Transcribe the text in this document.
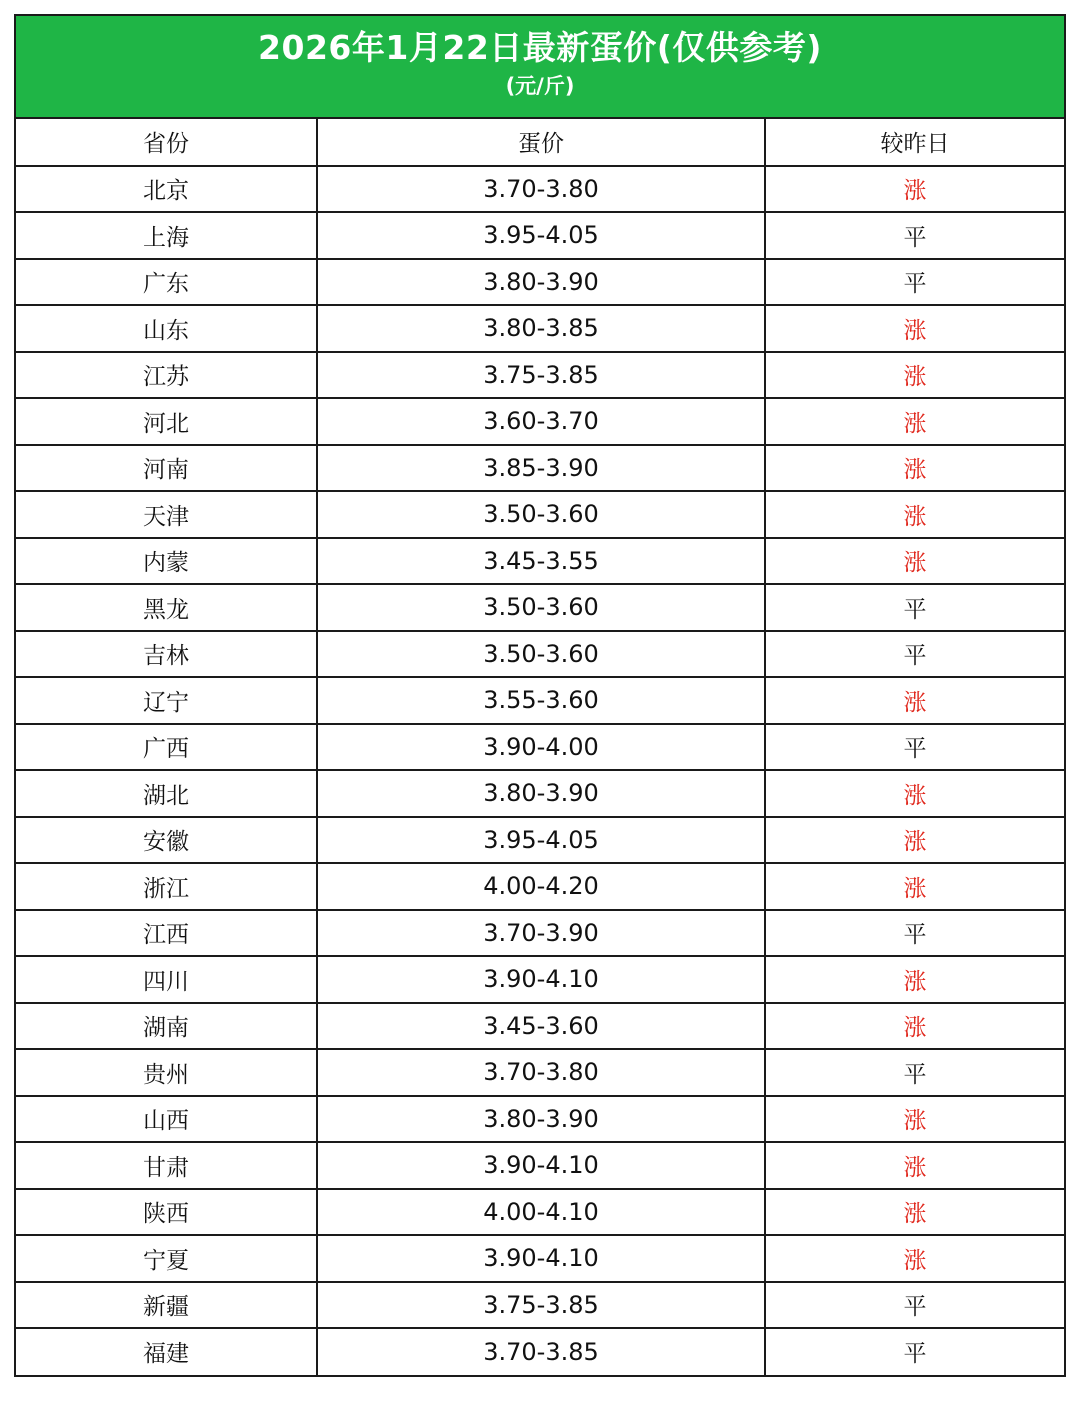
2026年1月22日最新蛋价(仅供参考)
(元/斤)
省份	蛋价	较昨日
北京	3.70-3.80	涨
上海	3.95-4.05	平
广东	3.80-3.90	平
山东	3.80-3.85	涨
江苏	3.75-3.85	涨
河北	3.60-3.70	涨
河南	3.85-3.90	涨
天津	3.50-3.60	涨
内蒙	3.45-3.55	涨
黑龙	3.50-3.60	平
吉林	3.50-3.60	平
辽宁	3.55-3.60	涨
广西	3.90-4.00	平
湖北	3.80-3.90	涨
安徽	3.95-4.05	涨
浙江	4.00-4.20	涨
江西	3.70-3.90	平
四川	3.90-4.10	涨
湖南	3.45-3.60	涨
贵州	3.70-3.80	平
山西	3.80-3.90	涨
甘肃	3.90-4.10	涨
陕西	4.00-4.10	涨
宁夏	3.90-4.10	涨
新疆	3.75-3.85	平
福建	3.70-3.85	平
